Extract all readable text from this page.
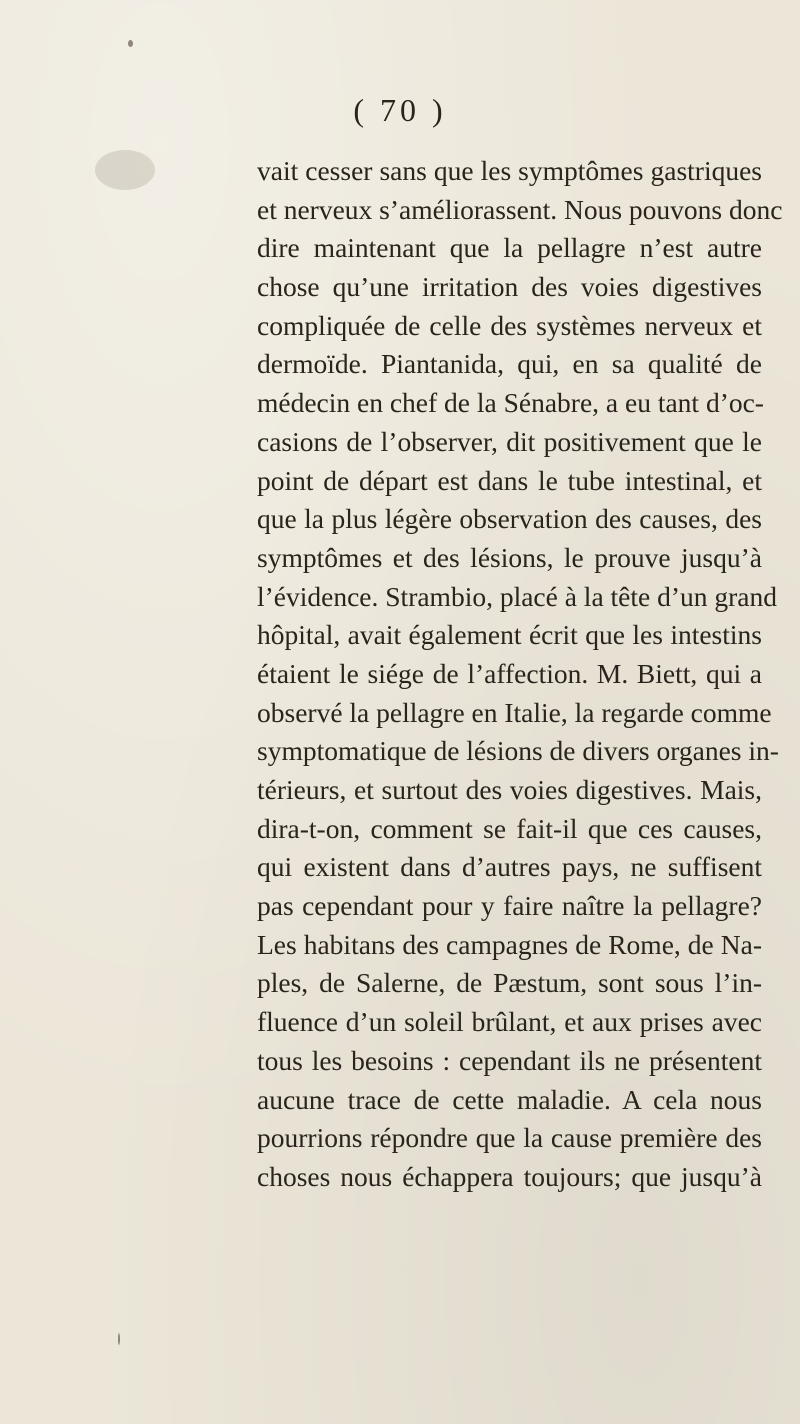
( 70 )
vait cesser sans que les symptômes gastriques
et nerveux s’améliorassent. Nous pouvons donc
dire maintenant que la pellagre n’est autre
chose qu’une irritation des voies digestives
compliquée de celle des systèmes nerveux et
dermoïde. Piantanida, qui, en sa qualité de
médecin en chef de la Sénabre, a eu tant d’oc-
casions de l’observer, dit positivement que le
point de départ est dans le tube intestinal, et
que la plus légère observation des causes, des
symptômes et des lésions, le prouve jusqu’à
l’évidence. Strambio, placé à la tête d’un grand
hôpital, avait également écrit que les intestins
étaient le siége de l’affection. M. Biett, qui a
observé la pellagre en Italie, la regarde comme
symptomatique de lésions de divers organes in-
térieurs, et surtout des voies digestives. Mais,
dira-t-on, comment se fait-il que ces causes,
qui existent dans d’autres pays, ne suffisent
pas cependant pour y faire naître la pellagre?
Les habitans des campagnes de Rome, de Na-
ples, de Salerne, de Pæstum, sont sous l’in-
fluence d’un soleil brûlant, et aux prises avec
tous les besoins : cependant ils ne présentent
aucune trace de cette maladie. A cela nous
pourrions répondre que la cause première des
choses nous échappera toujours; que jusqu’à
